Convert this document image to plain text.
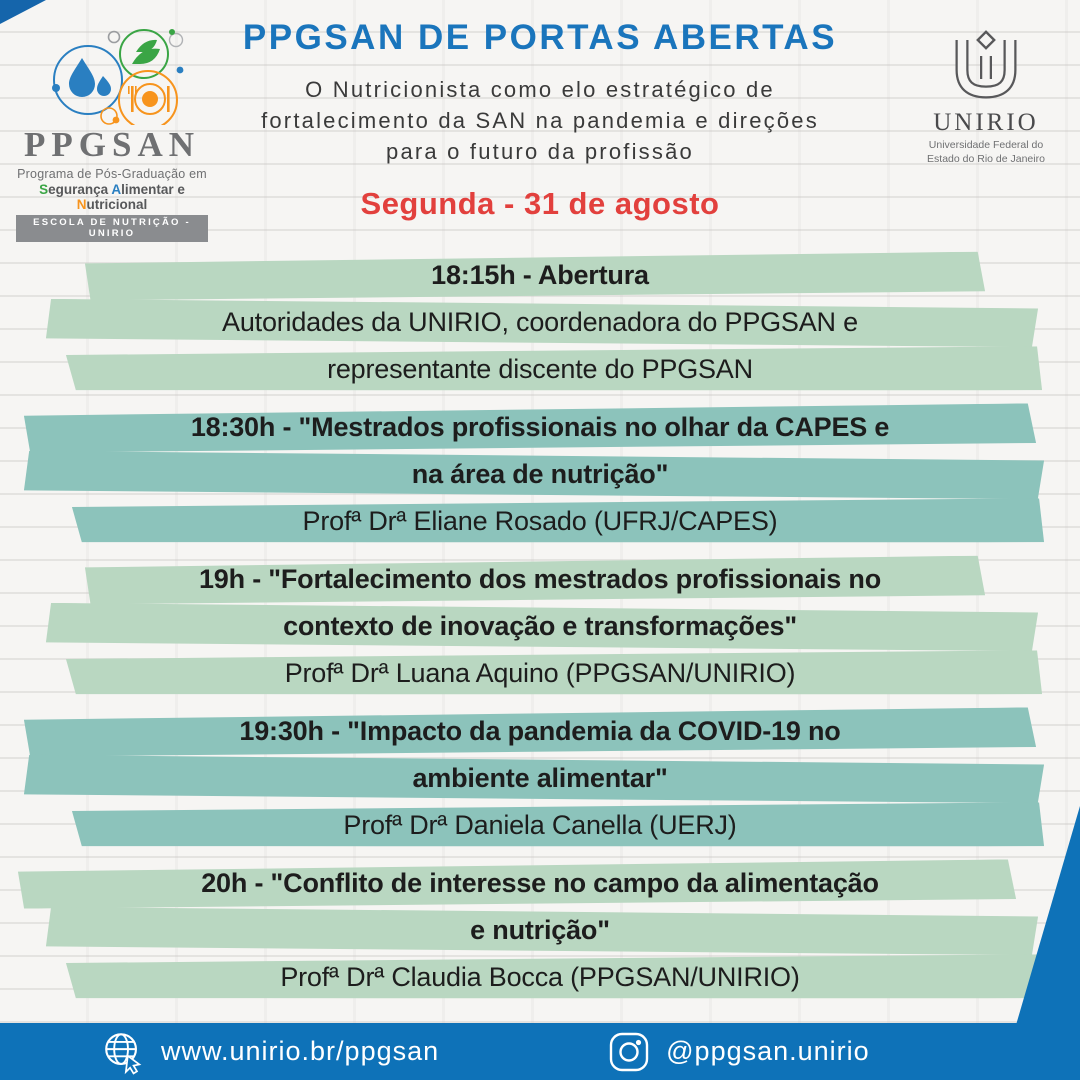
PPGSAN
Programa de Pós-Graduação em
Segurança Alimentar e Nutricional
ESCOLA DE NUTRIÇÃO - UNIRIO
PPGSAN DE PORTAS ABERTAS
O Nutricionista como elo estratégico de
fortalecimento da SAN na pandemia e direções
para o futuro da profissão
Segunda - 31 de agosto
UNIRIO
Universidade Federal do
Estado do Rio de Janeiro
18:15h - Abertura
Autoridades da UNIRIO, coordenadora do PPGSAN e
representante discente do PPGSAN
18:30h - "Mestrados profissionais no olhar da CAPES e
na área de nutrição"
Profª Drª Eliane Rosado (UFRJ/CAPES)
19h - "Fortalecimento dos mestrados profissionais no
contexto de inovação e transformações"
Profª Drª Luana Aquino (PPGSAN/UNIRIO)
19:30h - "Impacto da pandemia da COVID-19 no
ambiente alimentar"
Profª Drª Daniela Canella (UERJ)
20h - "Conflito de interesse no campo da alimentação
e nutrição"
Profª Drª Claudia Bocca (PPGSAN/UNIRIO)
www.unirio.br/ppgsan	@ppgsan.unirio
